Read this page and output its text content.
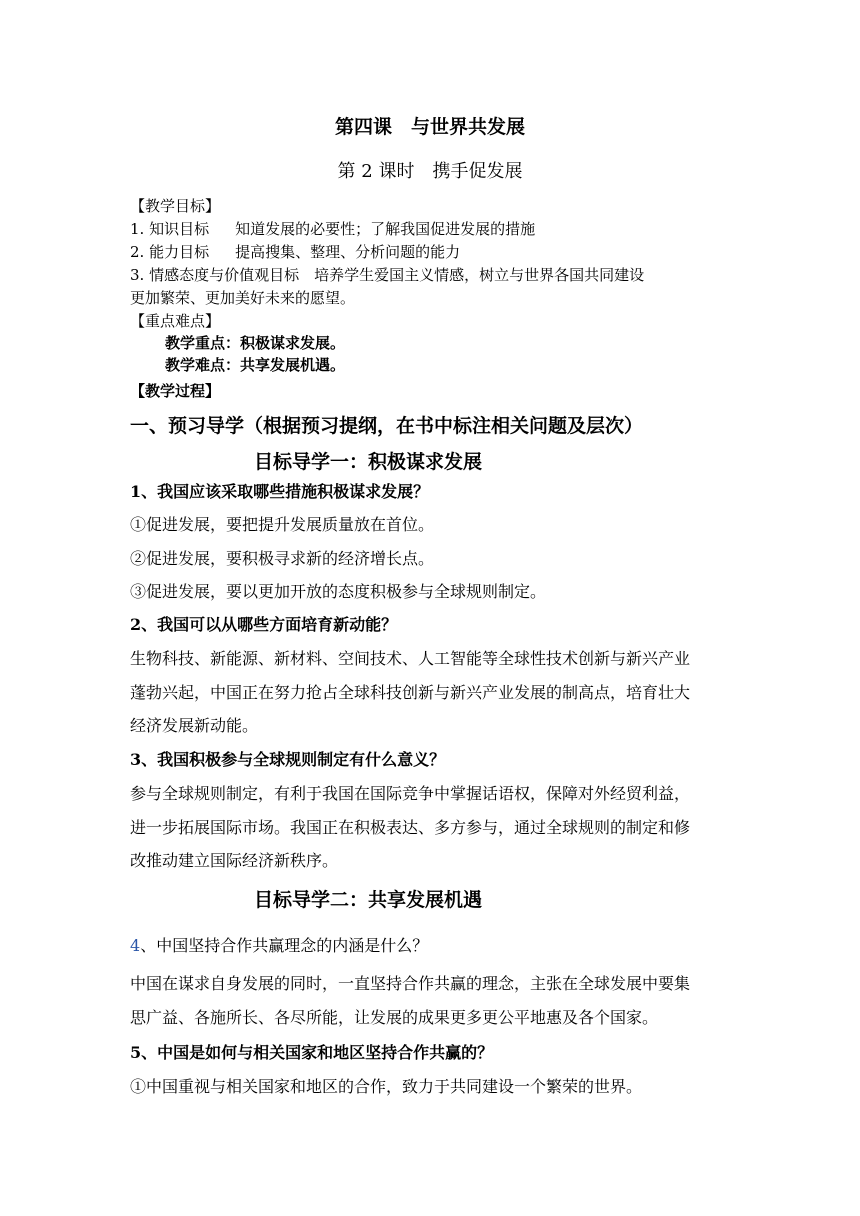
第四课　与世界共发展
第 2 课时　携手促发展
【教学目标】
1. 知识目标 知道发展的必要性；了解我国促进发展的措施
2. 能力目标 提高搜集、整理、分析问题的能力
3. 情感态度与价值观目标　培养学生爱国主义情感，树立与世界各国共同建设
更加繁荣、更加美好未来的愿望。
【重点难点】
教学重点：积极谋求发展。
教学难点：共享发展机遇。
【教学过程】
一、预习导学（根据预习提纲，在书中标注相关问题及层次）
目标导学一：积极谋求发展
1、我国应该采取哪些措施积极谋求发展？
①促进发展，要把提升发展质量放在首位。
②促进发展，要积极寻求新的经济增长点。
③促进发展，要以更加开放的态度积极参与全球规则制定。
2、我国可以从哪些方面培育新动能？
生物科技、新能源、新材料、空间技术、人工智能等全球性技术创新与新兴产业
蓬勃兴起，中国正在努力抢占全球科技创新与新兴产业发展的制高点，培育壮大
经济发展新动能。
3、我国积极参与全球规则制定有什么意义？
参与全球规则制定，有利于我国在国际竞争中掌握话语权，保障对外经贸利益，
进一步拓展国际市场。我国正在积极表达、多方参与，通过全球规则的制定和修
改推动建立国际经济新秩序。
目标导学二：共享发展机遇
4、中国坚持合作共赢理念的内涵是什么？
中国在谋求自身发展的同时，一直坚持合作共赢的理念，主张在全球发展中要集
思广益、各施所长、各尽所能，让发展的成果更多更公平地惠及各个国家。
5、中国是如何与相关国家和地区坚持合作共赢的？
①中国重视与相关国家和地区的合作，致力于共同建设一个繁荣的世界。
